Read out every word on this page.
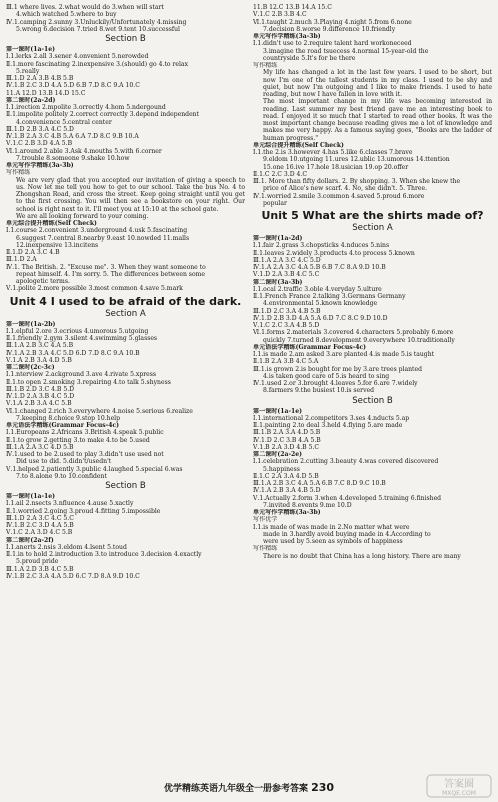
Ⅲ.1 where lives. 2.what would do 3.when will start
4.which watched 5.where to buy
Ⅳ.1.camping 2.sunny 3.Unluckily/Unfortunately 4.missing
5.wrong 6.decision 7.tried 8.wet 9.tent 10.successful
Section B
第一课时(1a-1e)
Ⅰ.1.lerks 2.all 3.sener 4.onvenient 5.nerowded
Ⅱ.1.more fascinating 2.inexpensive 3.(should) go 4.to relax
5.really
Ⅲ.1.D 2.A 3.B 4.B 5.B
Ⅳ.1.B 2.C 3.D 4.A 5.D 6.B 7.D 8.C 9.A 10.C
11.A 12.D 13.B 14.D 15.C
第二课时(2a-2d)
Ⅰ.1.irection 2.mpolite 3.orrectly 4.hom 5.ndergound
Ⅱ.1.impolite politely 2.correct correctly 3.depend independent
4.convenience 5.central center
Ⅲ.1.D 2.B 3.A 4.C 5.D
Ⅳ.1.B 2.A 3.C 4.B 5.A 6.A 7.D 8.C 9.B 10.A
Ⅴ.1.C 2.B 3.D 4.A 5.B
Ⅵ.1.around 2.able 3.Ask 4.mouths 5.with 6.corner
7.trouble 8.someone 9.shake 10.how
单元写作学精练(3a-3b)
写作精练
We are very glad that you accepted our invitation of giving a speech to us. Now let me tell you how to get to our school. Take the bus No. 4 to Zhongshan Road, and cross the street. Keep going straight until you get to the first crossing. You will then see a bookstore on your right. Our school is right next to it. I'll meet you at 15:10 at the school gate.
We are all looking forward to your coming.
单元综合提升精练(Self Check)
Ⅰ.1.course 2.convenient 3.underground 4.usk 5.fascinating
6.suggest 7.central 8.nearby 9.east 10.nowded 11.malls
12.inexpensive 13.incitens
Ⅱ.1.D 2.A 3.C 4.B
Ⅲ.1.D 2.A
Ⅳ.1. The British. 2. "Excuse me". 3. When they want someone to
repeat himself. 4. I'm sorry. 5. The differences between some
apologetic terms.
Ⅴ.1.polite 2.more possible 3.most common 4.save 5.mark
Unit 4 I used to be afraid of the dark.
Section A
第一课时(1a-2b)
Ⅰ.1.elpful 2.ore 3.ecrious 4.umorous 5.utgoing
Ⅱ.1.friendly 2.gym 3.silent 4.swimming 5.glasses
Ⅲ.1.A 2.B 3.C 4.A 5.B
Ⅳ.1.A 2.B 3.A 4.C 5.D 6.D 7.D 8.C 9.A 10.B
Ⅴ.1.A 2.B 3.A 4.D 5.B
第二课时(2c-3c)
Ⅰ.1.nterview 2.ackground 3.ave 4.rivate 5.xpress
Ⅱ.1.to open 2.smoking 3.repairing 4.to talk 5.shyness
Ⅲ.1.B 2.D 3.C 4.B 5.D
Ⅳ.1.D 2.A 3.B 4.C 5.D
Ⅴ.1.A 2.B 3.A 4.C 5.B
Ⅵ.1.changed 2.rich 3.everywhere 4.noise 5.serious 6.realize
7.keeping 8.choice 9.stop 10.help
单元语法学精练(Grammar Focus-4c)
Ⅰ.1.Europeans 2.Africans 3.British 4.speak 5.public
Ⅱ.1.to grow 2.getting 3.to make 4.to be 5.used
Ⅲ.1.A 2.A 3.C 4.D 5.B
Ⅳ.1.used to be 2.used to play 3.didn't use used not
Did use to did. 5.didn't/usedn't
Ⅴ.1.helped 2.patiently 3.public 4.laughed 5.special 6.was
7.to 8.alone 9.to 10.confident
Section B
第一课时(1a-1e)
Ⅰ.1.ail 2.nsects 3.nfluence 4.ause 5.xactly
Ⅱ.1.worried 2.going 3.proud 4.fitting 5.impossible
Ⅲ.1.D 2.A 3.C 4.C 5.C
Ⅳ.1.B 2.C 3.D 4.A 5.B
Ⅴ.1.C 2.A 3.D 4.C 5.B
第二课时(2a-2f)
Ⅰ.1.anerts 2.nsis 3.eldom 4.lsent 5.toud
Ⅱ.1.in to hold 2.introduction 3.to introduce 3.decision 4.exactly
5.proud pride
Ⅲ.1.A 2.D 3.B 4.C 5.B
Ⅳ.1.B 2.C 3.A 4.A 5.D 6.C 7.D 8.A 9.D 10.C
11.B 12.C 13.B 14.A 15.C
Ⅴ.1.C 2.B 3.B 4.C
Ⅵ.1.taught 2.much 3.Playing 4.night 5.from 6.none
7.decision 8.worse 9.difference 10.friendly
单元写作学精练(3a-3b)
Ⅰ.1.didn't use to 2.require talent hard workoneceed
3.imagine the road tsuecess 4.normal 15-year-old the
countryside 5.It's for be there
写作精练
My life has changed a lot in the last few years. I used to be short, but now I'm one of the tallest students in my class. I used to be shy and quiet, but now I'm outgoing and I like to make friends. I used to hate reading, but now I have fallen in love with it.
The most important change in my life was becoming interested in reading. Last summer my best friend gave me an interesting book to read. I enjoyed it so much that I started to read other books. It was the most important change because reading gives me a lot of knowledge and makes me very happy. As a famous saying goes, "Books are the ladder of human progress."
单元综合提升精练(Self Check)
Ⅰ.1.the 2.is 3.however 4.has 5.like 6.classes 7.brave
9.eldom 10.utgoing 11.ures 12.ublic 13.umorous 14.ttention
15.one 16.ive 17.hole 18.usician 19.op 20.offer
Ⅱ.1.C 2.C 3.D 4.C
Ⅲ.1. More than fifty dollars. 2. By shopping. 3. When she knew the
price of Alice's new scarf. 4. No, she didn't. 5. Three.
Ⅳ.1.worried 2.smile 3.common 4.saved 5.proud 6.more
popular
Unit 5 What are the shirts made of?
Section A
第一课时(1a-2d)
Ⅰ.1.fair 2.grass 3.chopsticks 4.nduces 5.nins
Ⅱ.1.leaves 2.widely 3.products 4.to process 5.known
Ⅲ.1.A 2.A 3.C 4.C 5.D
Ⅳ.1.A 2.A 3.C 4.A 5.B 6.B 7.C 8.A 9.D 10.B
Ⅴ.1.D 2.A 3.B 4.C 5.C
第二课时(3a-3b)
Ⅰ.1.ocal 2.traffic 3.oble 4.veryday 5.ulture
Ⅱ.1.French France 2.talking 3.Germans Germany
4.environmental 5.known knowledge
Ⅲ.1.D 2.C 3.A 4.B 5.B
Ⅳ.1.D 2.B 3.D 4.A 5.A 6.D 7.C 8.C 9.D 10.D
Ⅴ.1.C 2.C 3.A 4.B 5.D
Ⅵ.1.forms 2.materials 3.covered 4.characters 5.probably 6.more
quickly 7.turned 8.development 9.everywhere 10.traditionally
单元语法学精练(Grammar Focus-4c)
Ⅰ.1.is made 2.am asked 3.are planted 4.is made 5.is taught
Ⅱ.1.B 2.A 3.B 4.C 5.A
Ⅲ.1.is grown 2.is bought for me by 3.are trees planted
4.is taken good care of 5.is heard to sing
Ⅳ.1.used 2.or 3.brought 4.leaves 5.for 6.are 7.widely
8.farmers 9.the busiest 10.is served
Section B
第一课时(1a-1e)
Ⅰ.1.international 2.competitors 3.ses 4.nducts 5.ap
Ⅱ.1.painting 2.to deal 3.held 4.flying 5.are made
Ⅲ.1.B 2.A 3.A 4.D 5.B
Ⅳ.1.D 2.C 3.B 4.A 5.B
Ⅴ.1.B 2.A 3.D 4.B 5.C
第二课时(2a-2e)
Ⅰ.1.celebration 2.cutting 3.beauty 4.was covered discovered
5.happiness
Ⅱ.1.C 2.A 3.A 4.D 5.B
Ⅲ.1.A 2.B 3.C 4.A 5.A 6.B 7.C 8.D 9.C 10.B
Ⅳ.1.A 2.B 3.A 4.B 5.D
Ⅴ.1.Actually 2.form 3.when 4.developed 5.training 6.finished
7.invited 8.events 9.me 10.D
单元写作学精练(3a-3b)
写作优学
Ⅰ.1.is made of was made in 2.No matter what were
made in 3.hardly avoid buying made in 4.According to
were used by 5.seen as symbols of happiness
写作精练
There is no doubt that China has a long history. There are many
优学精练英语九年级全一册参考答案 230	答案圈
MXQE.COM
